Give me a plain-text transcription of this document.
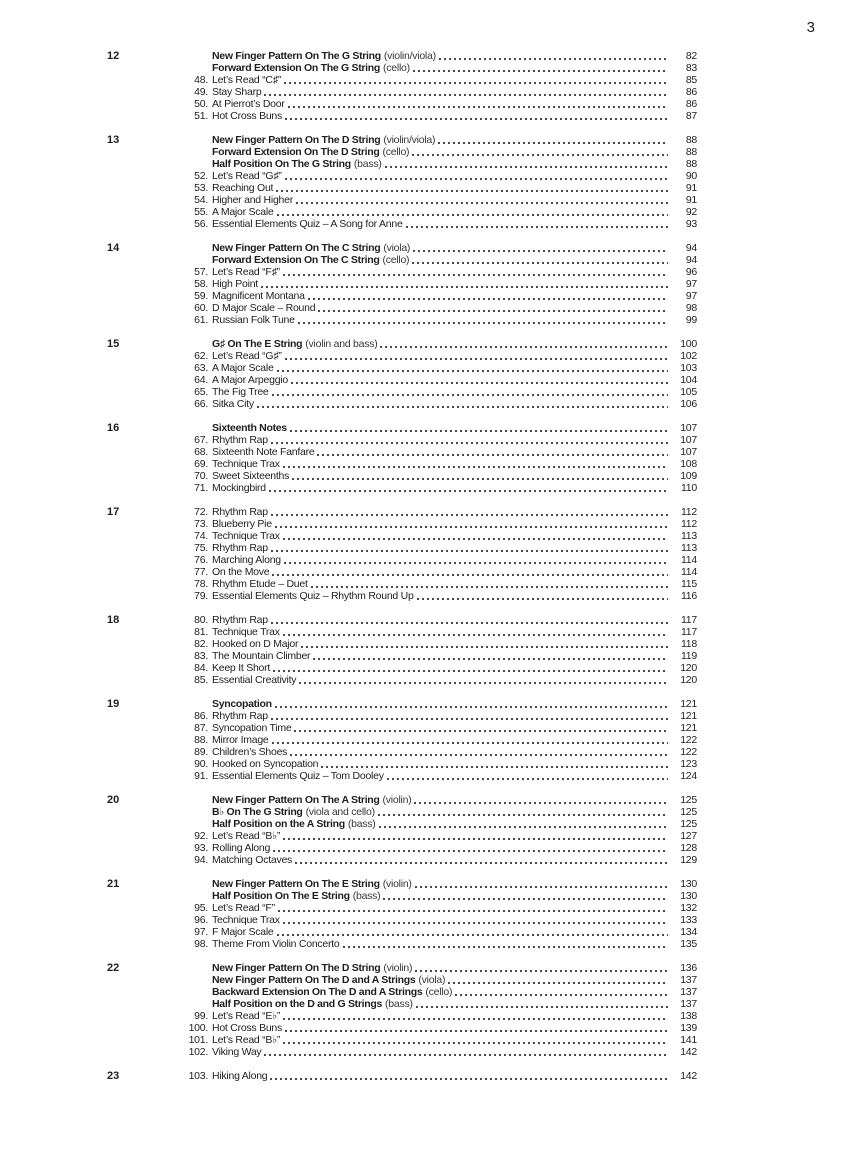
3
12	New Finger Pattern On The G String (violin/viola)	82
Forward Extension On The G String (cello)	83
48. Let’s Read “C♯”	85
49. Stay Sharp	86
50. At Pierrot’s Door	86
51. Hot Cross Buns	87
13	New Finger Pattern On The D String (violin/viola)	88
Forward Extension On The D String (cello)	88
Half Position On The G String (bass)	88
52. Let’s Read “G♯”	90
53. Reaching Out	91
54. Higher and Higher	91
55. A Major Scale	92
56. Essential Elements Quiz – A Song for Anne	93
14	New Finger Pattern On The C String (viola)	94
Forward Extension On The C String (cello)	94
57. Let’s Read “F♯”	96
58. High Point	97
59. Magnificent Montana	97
60. D Major Scale – Round	98
61. Russian Folk Tune	99
15	G♯ On The E String (violin and bass)	100
62. Let’s Read “G♯”	102
63. A Major Scale	103
64. A Major Arpeggio	104
65. The Fig Tree	105
66. Sitka City	106
16	Sixteenth Notes	107
67. Rhythm Rap	107
68. Sixteenth Note Fanfare	107
69. Technique Trax	108
70. Sweet Sixteenths	109
71. Mockingbird	110
17	72. Rhythm Rap	112
73. Blueberry Pie	112
74. Technique Trax	113
75. Rhythm Rap	113
76. Marching Along	114
77. On the Move	114
78. Rhythm Etude – Duet	115
79. Essential Elements Quiz – Rhythm Round Up	116
18	80. Rhythm Rap	117
81. Technique Trax	117
82. Hooked on D Major	118
83. The Mountain Climber	119
84. Keep It Short	120
85. Essential Creativity	120
19	Syncopation	121
86. Rhythm Rap	121
87. Syncopation Time	121
88. Mirror Image	122
89. Children’s Shoes	122
90. Hooked on Syncopation	123
91. Essential Elements Quiz – Tom Dooley	124
20	New Finger Pattern On The A String (violin)	125
B♭ On The G String (viola and cello)	125
Half Position on the A String (bass)	125
92. Let’s Read “B♭”	127
93. Rolling Along	128
94. Matching Octaves	129
21	New Finger Pattern On The E String (violin)	130
Half Position On The E String (bass)	130
95. Let’s Read “F”	132
96. Technique Trax	133
97. F Major Scale	134
98. Theme From Violin Concerto	135
22	New Finger Pattern On The D String (violin)	136
New Finger Pattern On The D and A Strings (viola)	137
Backward Extension On The D and A Strings (cello)	137
Half Position on the D and G Strings (bass)	137
99. Let’s Read “E♭”	138
100. Hot Cross Buns	139
101. Let’s Read “B♭”	141
102. Viking Way	142
23	103. Hiking Along	142
